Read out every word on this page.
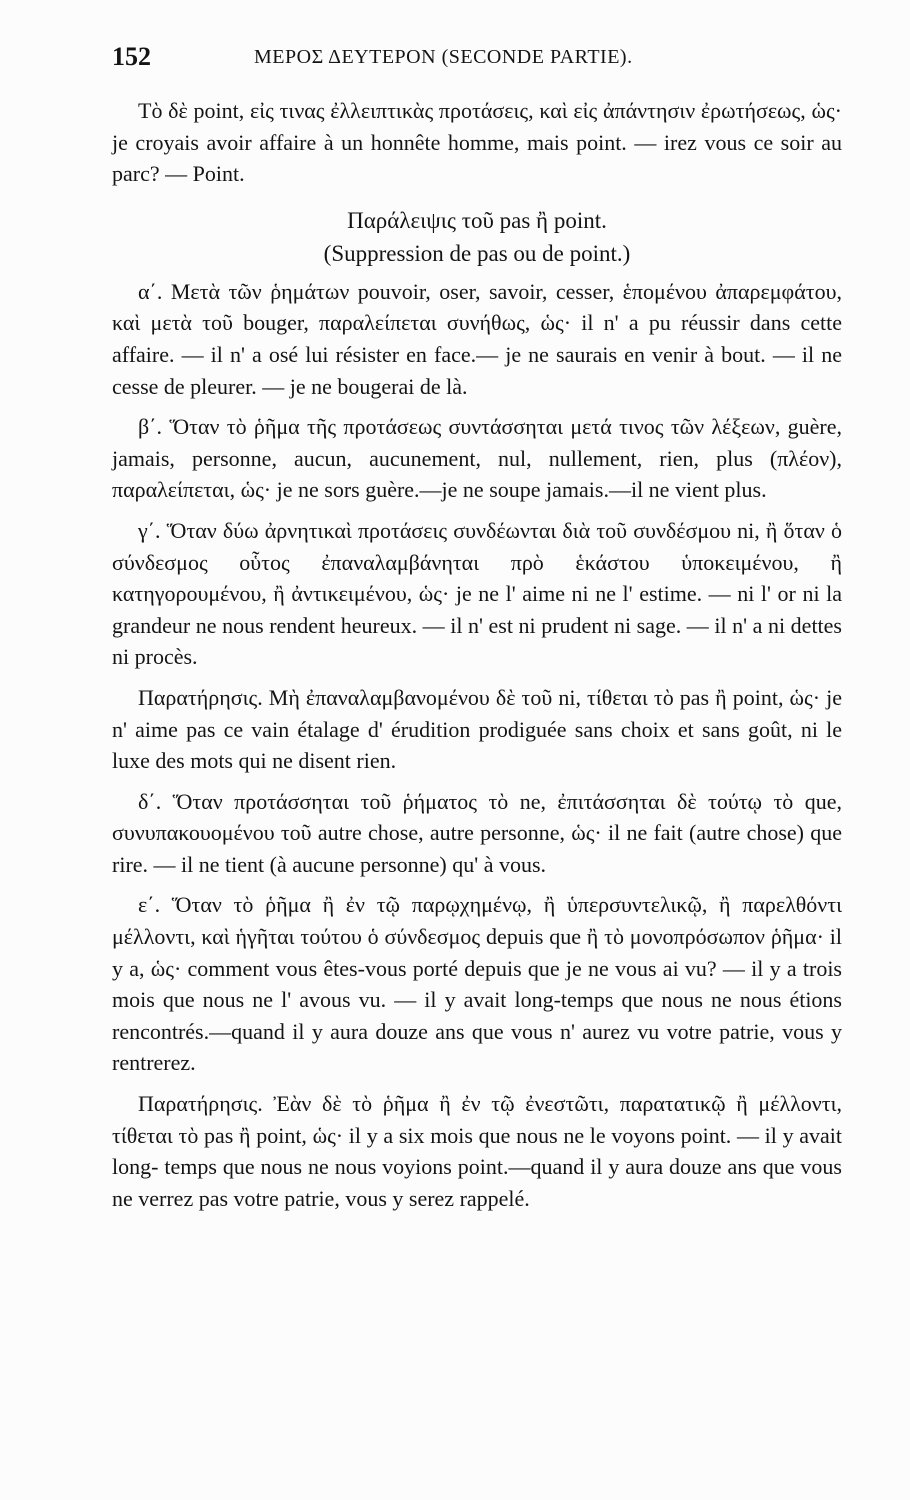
152	ΜΕΡΟΣ ΔΕΥΤΕΡΟΝ (SECONDE PARTIE).

Τὸ δὲ point, εἰς τινας ἐλλειπτικὰς προτάσεις, καὶ εἰς ἀπάντησιν ἐρωτήσεως, ὡς· je croyais avoir affaire à un honnête homme, mais point. — irez vous ce soir au parc? — Point.

Παράλειψις τοῦ pas ἢ point.

(Suppression de pas ou de point.)

α΄. Μετὰ τῶν ῥημάτων pouvoir, oser, savoir, cesser, ἑπομένου ἀπαρεμφάτου, καὶ μετὰ τοῦ bouger, παραλείπεται συνήθως, ὡς· il n' a pu réussir dans cette affaire. — il n' a osé lui résister en face.— je ne saurais en venir à bout. — il ne cesse de pleurer. — je ne bougerai de là.

β΄. Ὅταν τὸ ῥῆμα τῆς προτάσεως συντάσσηται μετά τινος τῶν λέξεων, guère, jamais, personne, aucun, aucunement, nul, nullement, rien, plus (πλέον), παραλείπεται, ὡς· je ne sors guère.—je ne soupe jamais.—il ne vient plus.

γ΄. Ὅταν δύω ἀρνητικαὶ προτάσεις συνδέωνται διὰ τοῦ συνδέσμου ni, ἢ ὅταν ὁ σύνδεσμος οὗτος ἐπαναλαμβάνηται πρὸ ἑκάστου ὑποκειμένου, ἢ κατηγορουμένου, ἢ ἀντικειμένου, ὡς· je ne l' aime ni ne l' estime. — ni l' or ni la grandeur ne nous rendent heureux. — il n' est ni prudent ni sage. — il n' a ni dettes ni procès.

Παρατήρησις. Μὴ ἐπαναλαμβανομένου δὲ τοῦ ni, τίθεται τὸ pas ἢ point, ὡς· je n' aime pas ce vain étalage d' érudition prodiguée sans choix et sans goût, ni le luxe des mots qui ne disent rien.

δ΄. Ὅταν προτάσσηται τοῦ ῥήματος τὸ ne, ἐπιτάσσηται δὲ τούτῳ τὸ que, συνυπακουομένου τοῦ autre chose, autre personne, ὡς· il ne fait (autre chose) que rire. — il ne tient (à aucune personne) qu' à vous.

ε΄. Ὅταν τὸ ῥῆμα ἢ ἐν τῷ παρῳχημένῳ, ἢ ὑπερσυντελικῷ, ἢ παρελθόντι μέλλοντι, καὶ ἡγῆται τούτου ὁ σύνδεσμος depuis que ἢ τὸ μονοπρόσωπον ῥῆμα· il y a, ὡς· comment vous êtes-vous porté depuis que je ne vous ai vu? — il y a trois mois que nous ne l' avous vu. — il y avait long-temps que nous ne nous étions rencontrés.—quand il y aura douze ans que vous n' aurez vu votre patrie, vous y rentrerez.

Παρατήρησις. Ἐὰν δὲ τὸ ῥῆμα ἢ ἐν τῷ ἐνεστῶτι, παρατατικῷ ἢ μέλλοντι, τίθεται τὸ pas ἢ point, ὡς· il y a six mois que nous ne le voyons point. — il y avait long- temps que nous ne nous voyions point.—quand il y aura douze ans que vous ne verrez pas votre patrie, vous y serez rappelé.
